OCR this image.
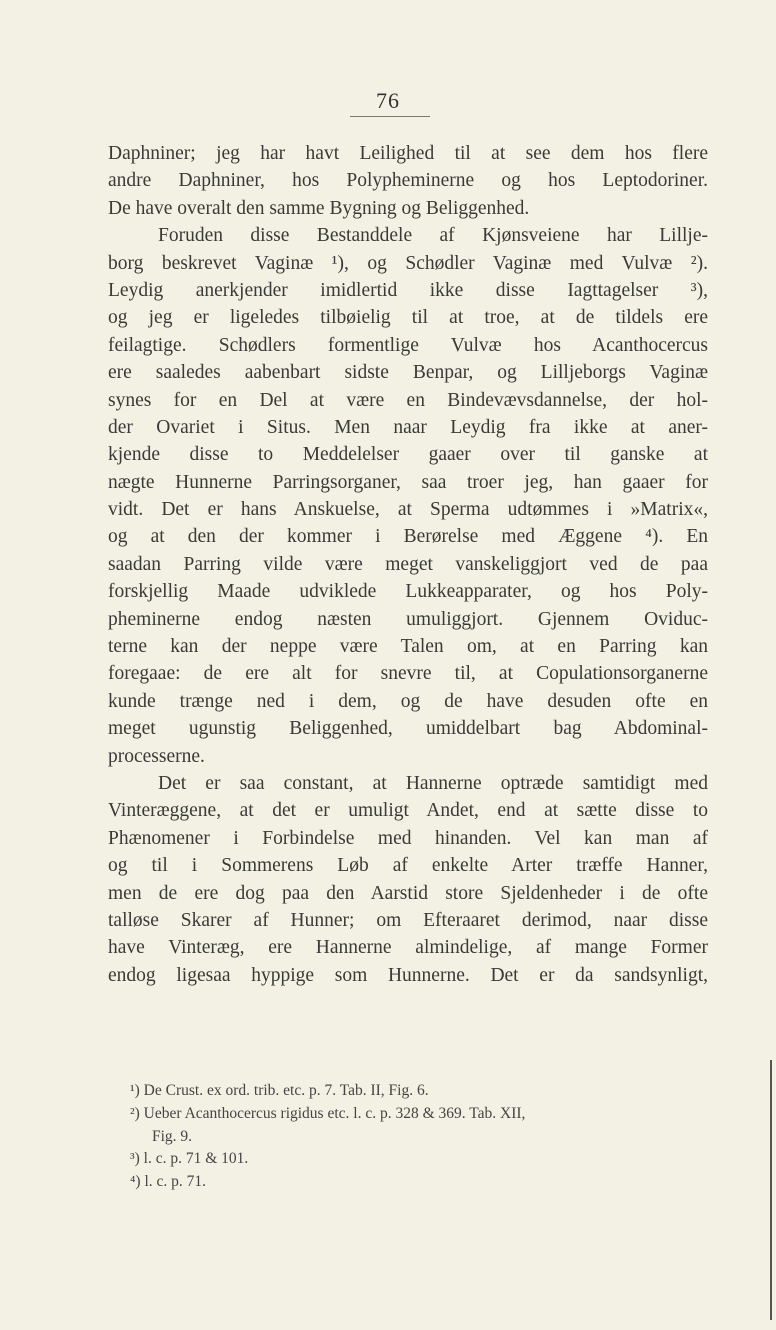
76
Daphniner; jeg har havt Leilighed til at see dem hos flere
andre Daphniner, hos Polypheminerne og hos Leptodoriner.
De have overalt den samme Bygning og Beliggenhed.
Foruden disse Bestanddele af Kjønsveiene har Lillje-
borg beskrevet Vaginæ ¹), og Schødler Vaginæ med Vulvæ ²).
Leydig anerkjender imidlertid ikke disse Iagttagelser ³),
og jeg er ligeledes tilbøielig til at troe, at de tildels ere
feilagtige. Schødlers formentlige Vulvæ hos Acanthocercus
ere saaledes aabenbart sidste Benpar, og Lilljeborgs Vaginæ
synes for en Del at være en Bindevævsdannelse, der hol-
der Ovariet i Situs. Men naar Leydig fra ikke at aner-
kjende disse to Meddelelser gaaer over til ganske at
nægte Hunnerne Parringsorganer, saa troer jeg, han gaaer for
vidt. Det er hans Anskuelse, at Sperma udtømmes i »Matrix«,
og at den der kommer i Berørelse med Æggene ⁴). En
saadan Parring vilde være meget vanskeliggjort ved de paa
forskjellig Maade udviklede Lukkeapparater, og hos Poly-
pheminerne endog næsten umuliggjort. Gjennem Oviduc-
terne kan der neppe være Talen om, at en Parring kan
foregaae: de ere alt for snevre til, at Copulationsorganerne
kunde trænge ned i dem, og de have desuden ofte en
meget ugunstig Beliggenhed, umiddelbart bag Abdominal-
processerne.
Det er saa constant, at Hannerne optræde samtidigt med
Vinteræggene, at det er umuligt Andet, end at sætte disse to
Phænomener i Forbindelse med hinanden. Vel kan man af
og til i Sommerens Løb af enkelte Arter træffe Hanner,
men de ere dog paa den Aarstid store Sjeldenheder i de ofte
talløse Skarer af Hunner; om Efteraaret derimod, naar disse
have Vinteræg, ere Hannerne almindelige, af mange Former
endog ligesaa hyppige som Hunnerne. Det er da sandsynligt,
¹) De Crust. ex ord. trib. etc. p. 7. Tab. II, Fig. 6.
²) Ueber Acanthocercus rigidus etc. l. c. p. 328 & 369. Tab. XII,
Fig. 9.
³) l. c. p. 71 & 101.
⁴) l. c. p. 71.
